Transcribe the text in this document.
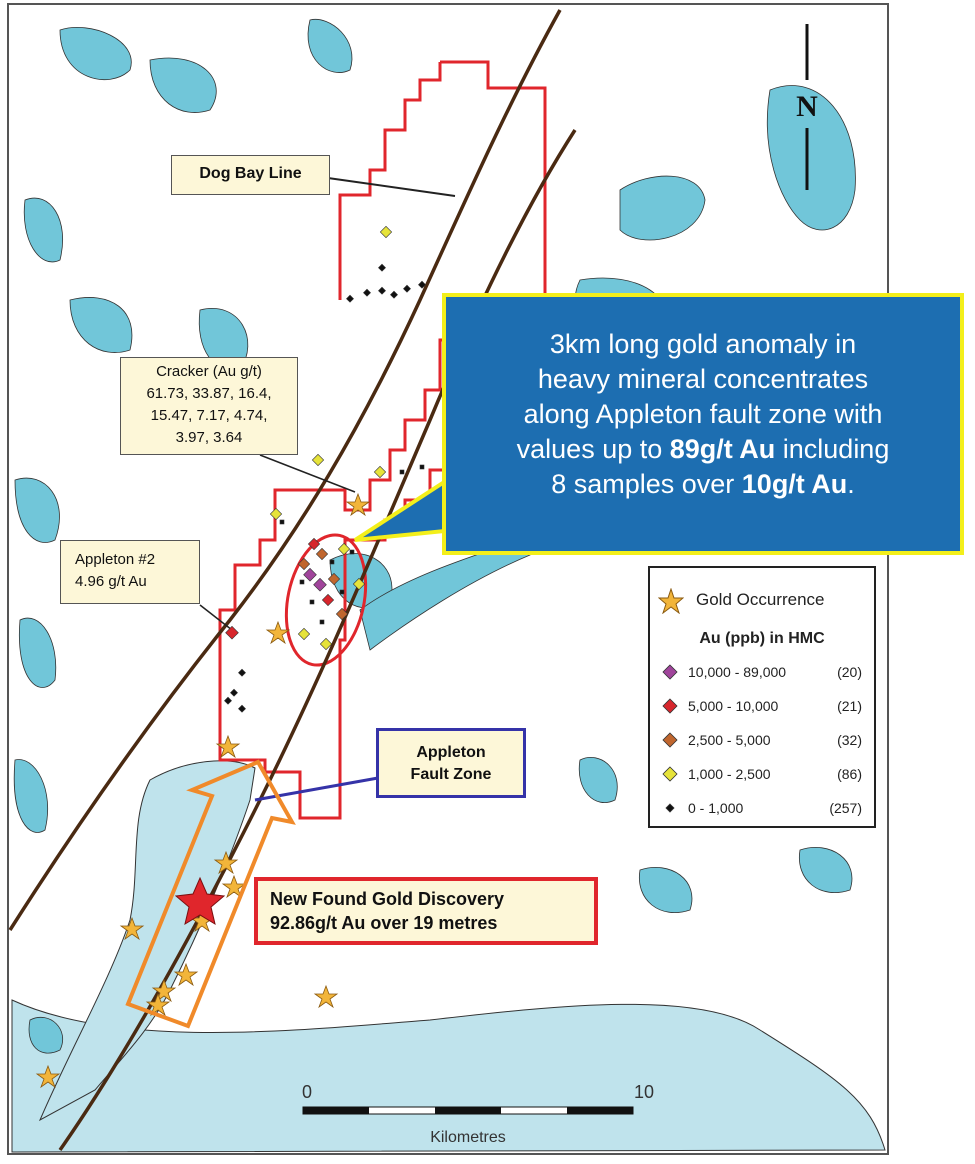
N
0	10
Kilometres
Dog Bay Line
Cracker (Au g/t)
61.73, 33.87, 16.4,
15.47, 7.17, 4.74,
3.97, 3.64
Appleton #2
4.96 g/t Au
Appleton
Fault Zone
New Found Gold Discovery
92.86g/t Au over 19 metres
3km long gold anomaly in
heavy mineral concentrates
along Appleton fault zone with
values up to 89g/t Au including
8 samples over 10g/t Au.
Gold Occurrence
Au (ppb) in HMC
10,000 - 89,000	(20)
5,000 - 10,000	(21)
2,500 - 5,000	(32)
1,000 - 2,500	(86)
0 - 1,000	(257)
